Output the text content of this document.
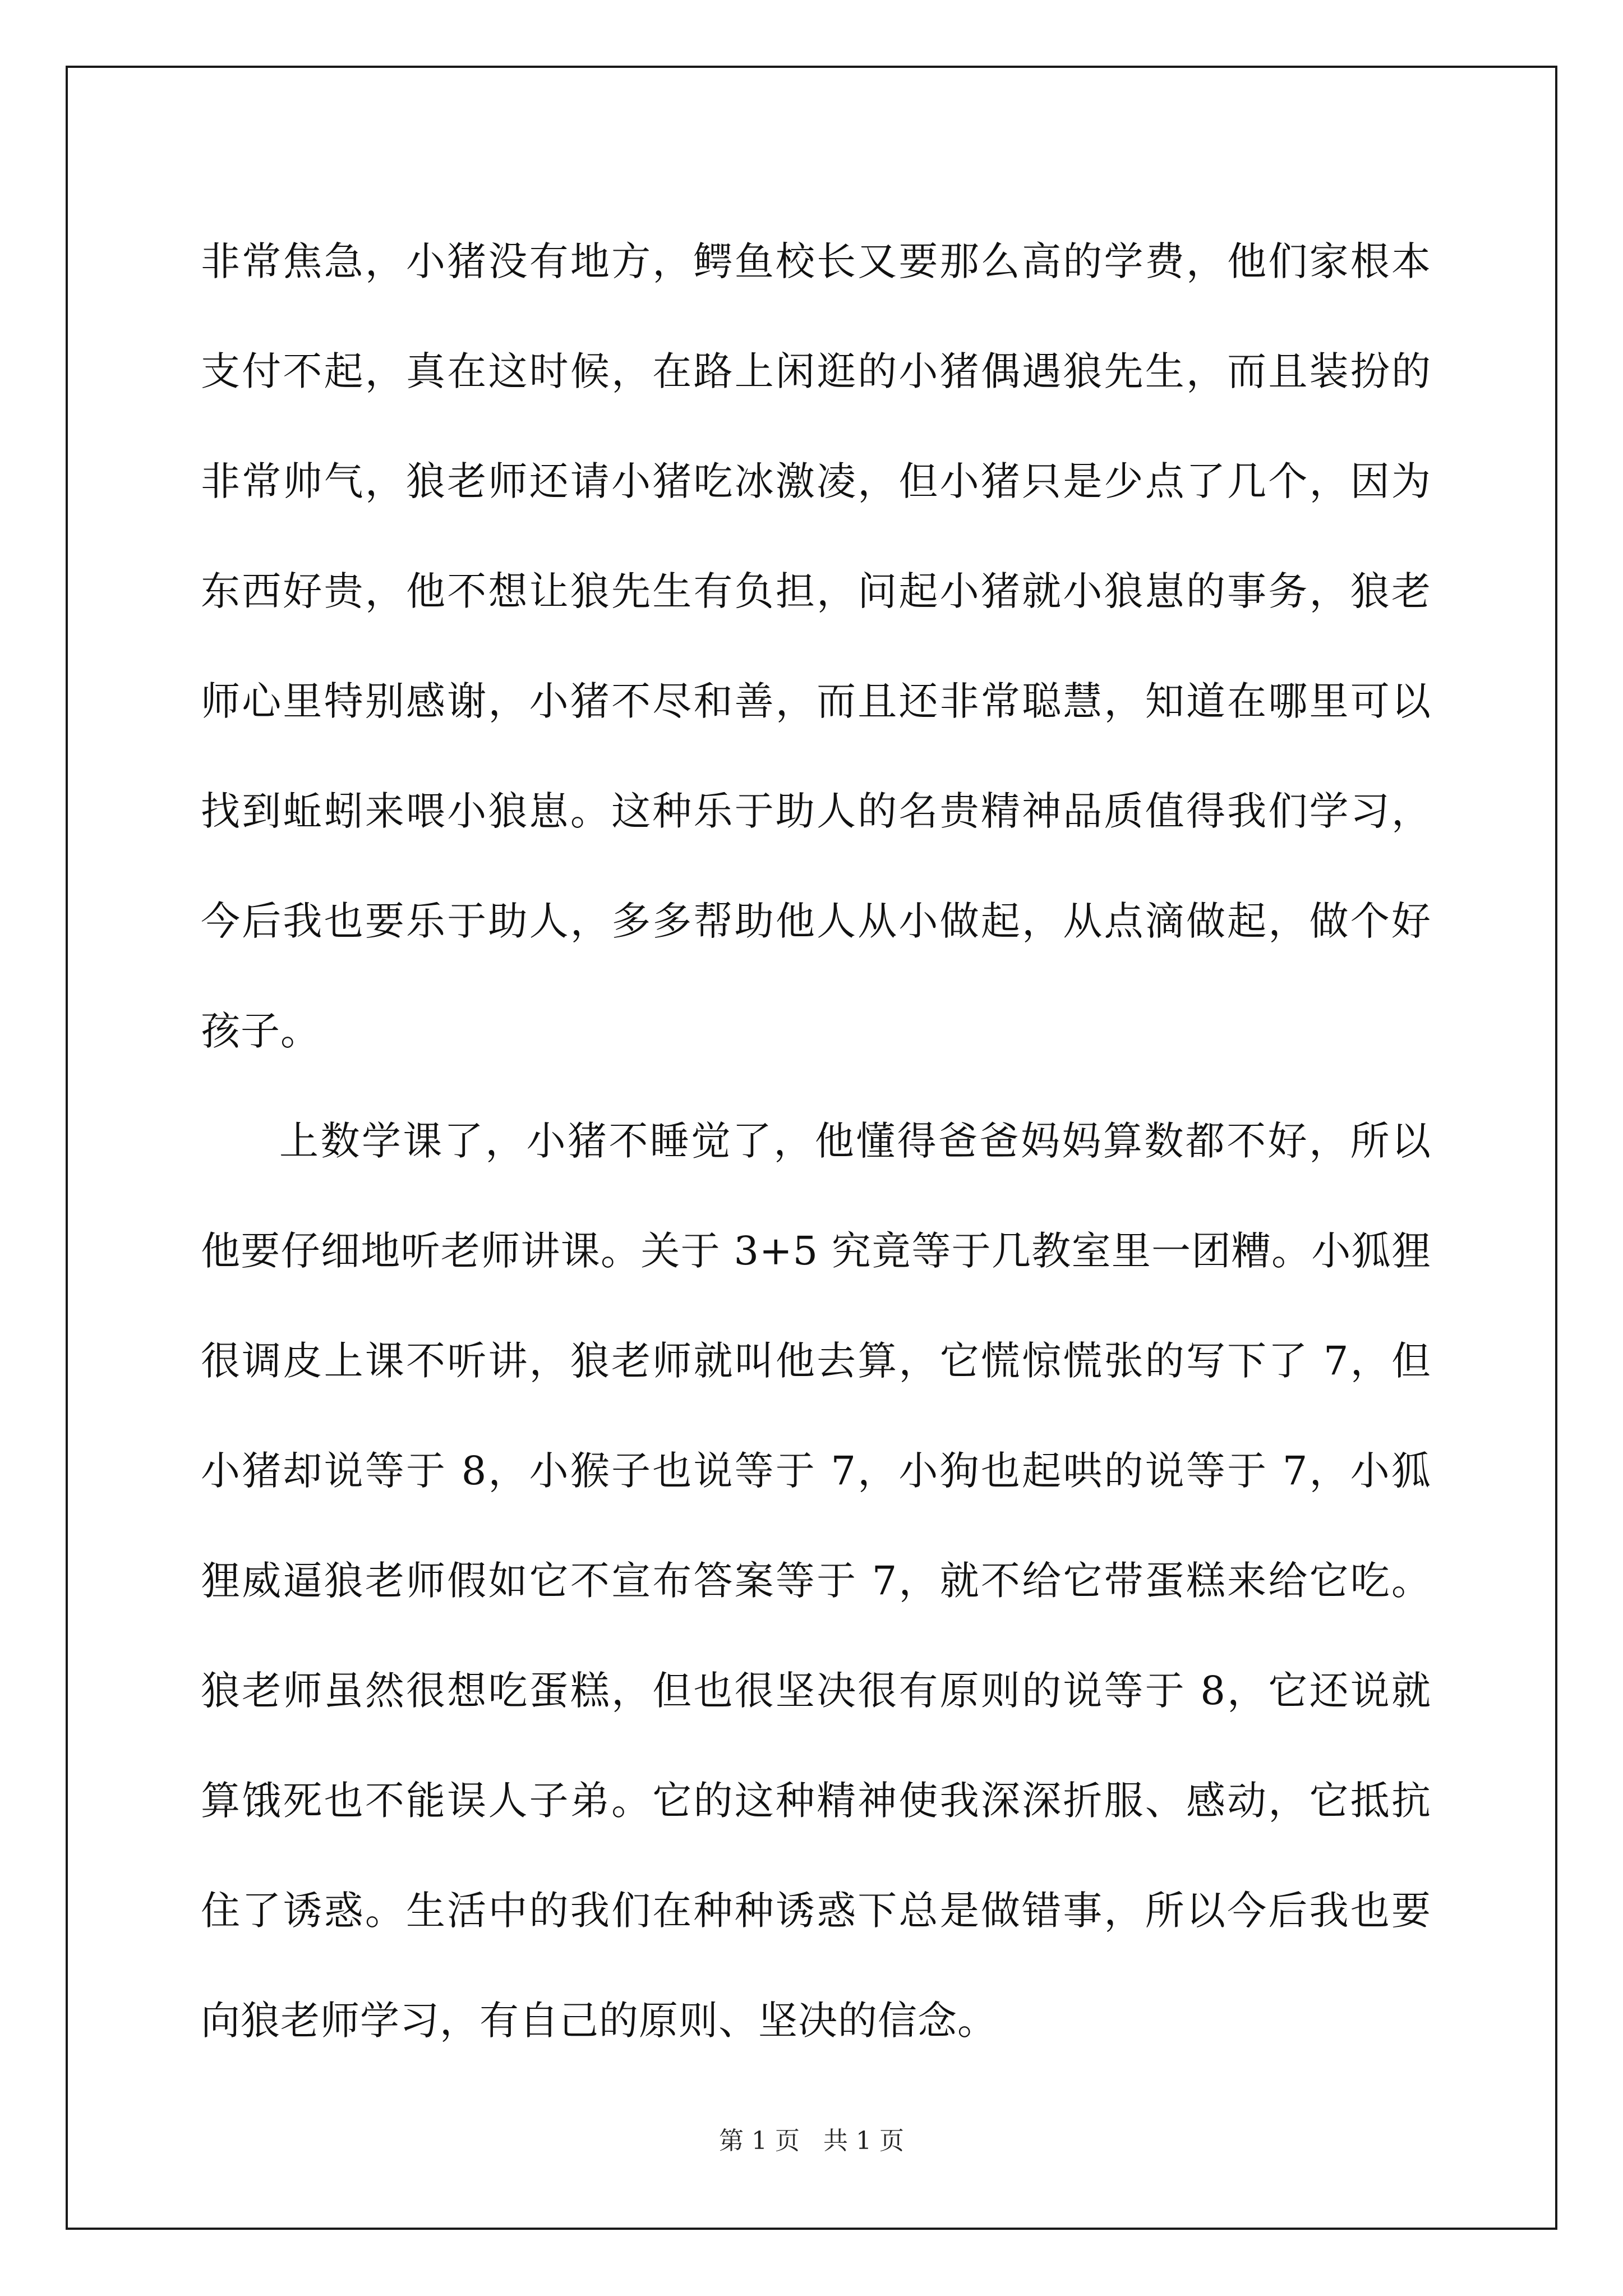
非常焦急，小猪没有地方，鳄鱼校长又要那么高的学费，他们家根本支付不起，真在这时候，在路上闲逛的小猪偶遇狼先生，而且装扮的非常帅气，狼老师还请小猪吃冰激凌，但小猪只是少点了几个，因为东西好贵，他不想让狼先生有负担，问起小猪就小狼崽的事务，狼老师心里特别感谢，小猪不尽和善，而且还非常聪慧，知道在哪里可以找到蚯蚓来喂小狼崽。这种乐于助人的名贵精神品质值得我们学习，今后我也要乐于助人，多多帮助他人从小做起，从点滴做起，做个好孩子。

上数学课了，小猪不睡觉了，他懂得爸爸妈妈算数都不好，所以他要仔细地听老师讲课。关于 3+5 究竟等于几教室里一团糟。小狐狸很调皮上课不听讲，狼老师就叫他去算，它慌惊慌张的写下了 7，但小猪却说等于 8，小猴子也说等于 7，小狗也起哄的说等于 7，小狐狸威逼狼老师假如它不宣布答案等于 7，就不给它带蛋糕来给它吃。狼老师虽然很想吃蛋糕，但也很坚决很有原则的说等于 8，它还说就算饿死也不能误人子弟。它的这种精神使我深深折服、感动，它抵抗住了诱惑。生活中的我们在种种诱惑下总是做错事，所以今后我也要向狼老师学习，有自己的原则、坚决的信念。

第 1 页   共 1 页
